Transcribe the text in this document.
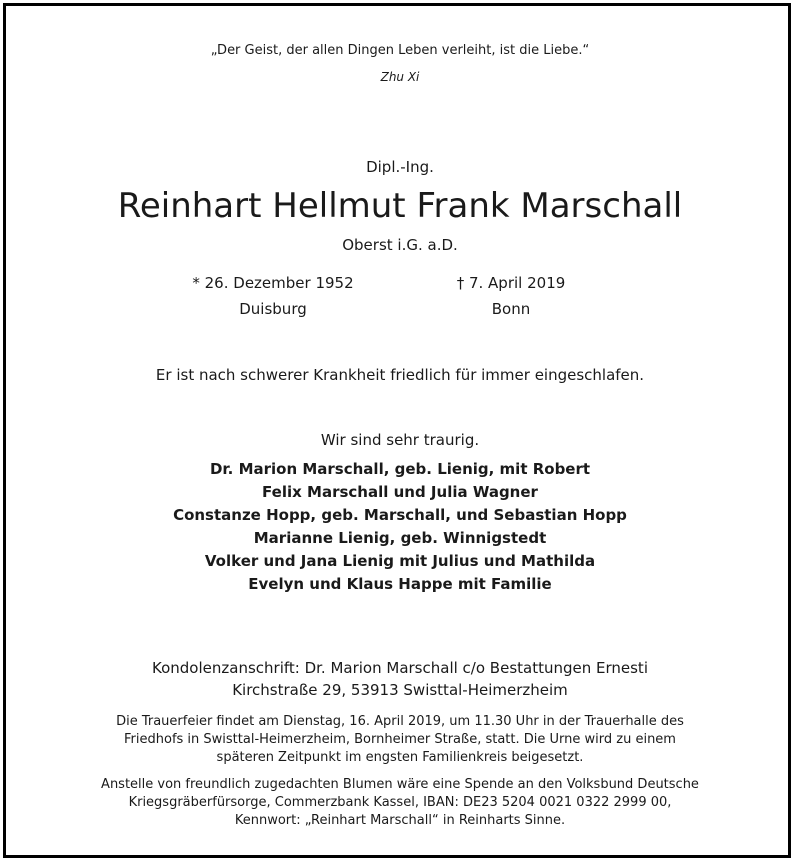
„Der Geist, der allen Dingen Leben verleiht, ist die Liebe.“
Zhu Xi
Dipl.-Ing.
Reinhart Hellmut Frank Marschall
Oberst i.G. a.D.
* 26. Dezember 1952
Duisburg
† 7. April 2019
Bonn
Er ist nach schwerer Krankheit friedlich für immer eingeschlafen.
Wir sind sehr traurig.
Dr. Marion Marschall, geb. Lienig, mit Robert
Felix Marschall und Julia Wagner
Constanze Hopp, geb. Marschall, und Sebastian Hopp
Marianne Lienig, geb. Winnigstedt
Volker und Jana Lienig mit Julius und Mathilda
Evelyn und Klaus Happe mit Familie
Kondolenzanschrift: Dr. Marion Marschall c/o Bestattungen Ernesti
Kirchstraße 29, 53913 Swisttal-Heimerzheim
Die Trauerfeier findet am Dienstag, 16. April 2019, um 11.30 Uhr in der Trauerhalle des
Friedhofs in Swisttal-Heimerzheim, Bornheimer Straße, statt. Die Urne wird zu einem
späteren Zeitpunkt im engsten Familienkreis beigesetzt.
Anstelle von freundlich zugedachten Blumen wäre eine Spende an den Volksbund Deutsche
Kriegsgräberfürsorge, Commerzbank Kassel, IBAN: DE23 5204 0021 0322 2999 00,
Kennwort: „Reinhart Marschall“ in Reinharts Sinne.
